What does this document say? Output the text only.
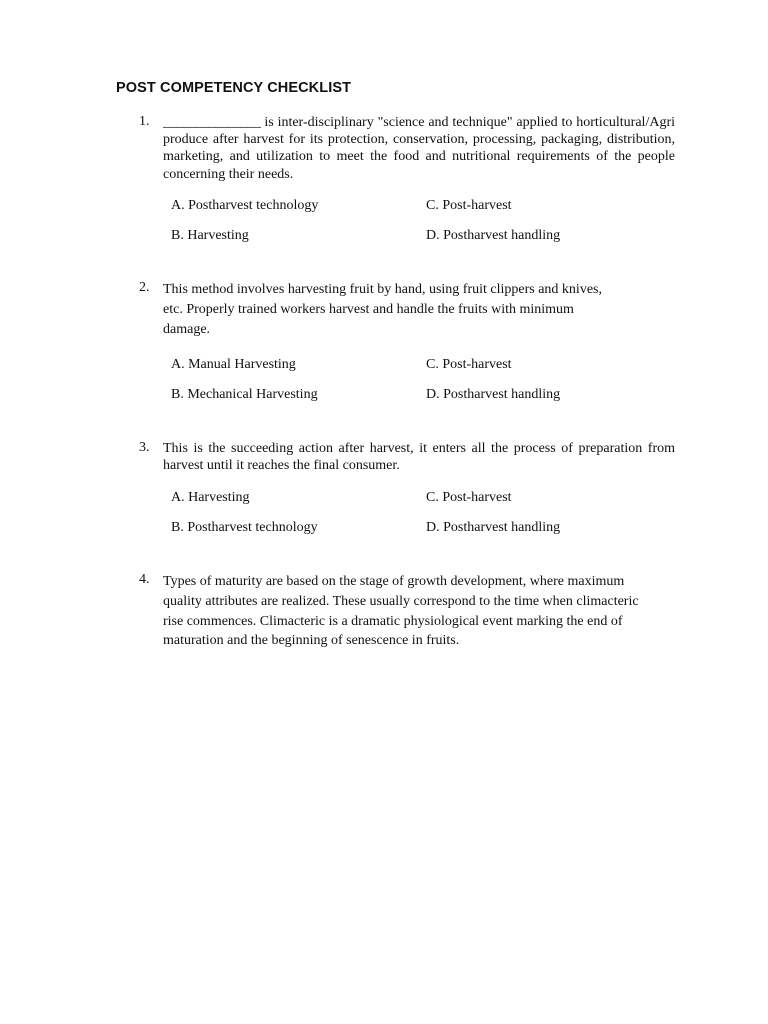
POST COMPETENCY CHECKLIST
1. _______________ is inter-disciplinary "science and technique" applied to horticultural/Agri produce after harvest for its protection, conservation, processing, packaging, distribution, marketing, and utilization to meet the food and nutritional requirements of the people concerning their needs.
A. Postharvest technology	C. Post-harvest
B. Harvesting	D. Postharvest handling
2. This method involves harvesting fruit by hand, using fruit clippers and knives, etc. Properly trained workers harvest and handle the fruits with minimum damage.
A. Manual Harvesting	C. Post-harvest
B. Mechanical Harvesting	D. Postharvest handling
3. This is the succeeding action after harvest, it enters all the process of preparation from harvest until it reaches the final consumer.
A. Harvesting	C. Post-harvest
B. Postharvest technology	D. Postharvest handling
4. Types of maturity are based on the stage of growth development, where maximum quality attributes are realized. These usually correspond to the time when climacteric rise commences. Climacteric is a dramatic physiological event marking the end of maturation and the beginning of senescence in fruits.
